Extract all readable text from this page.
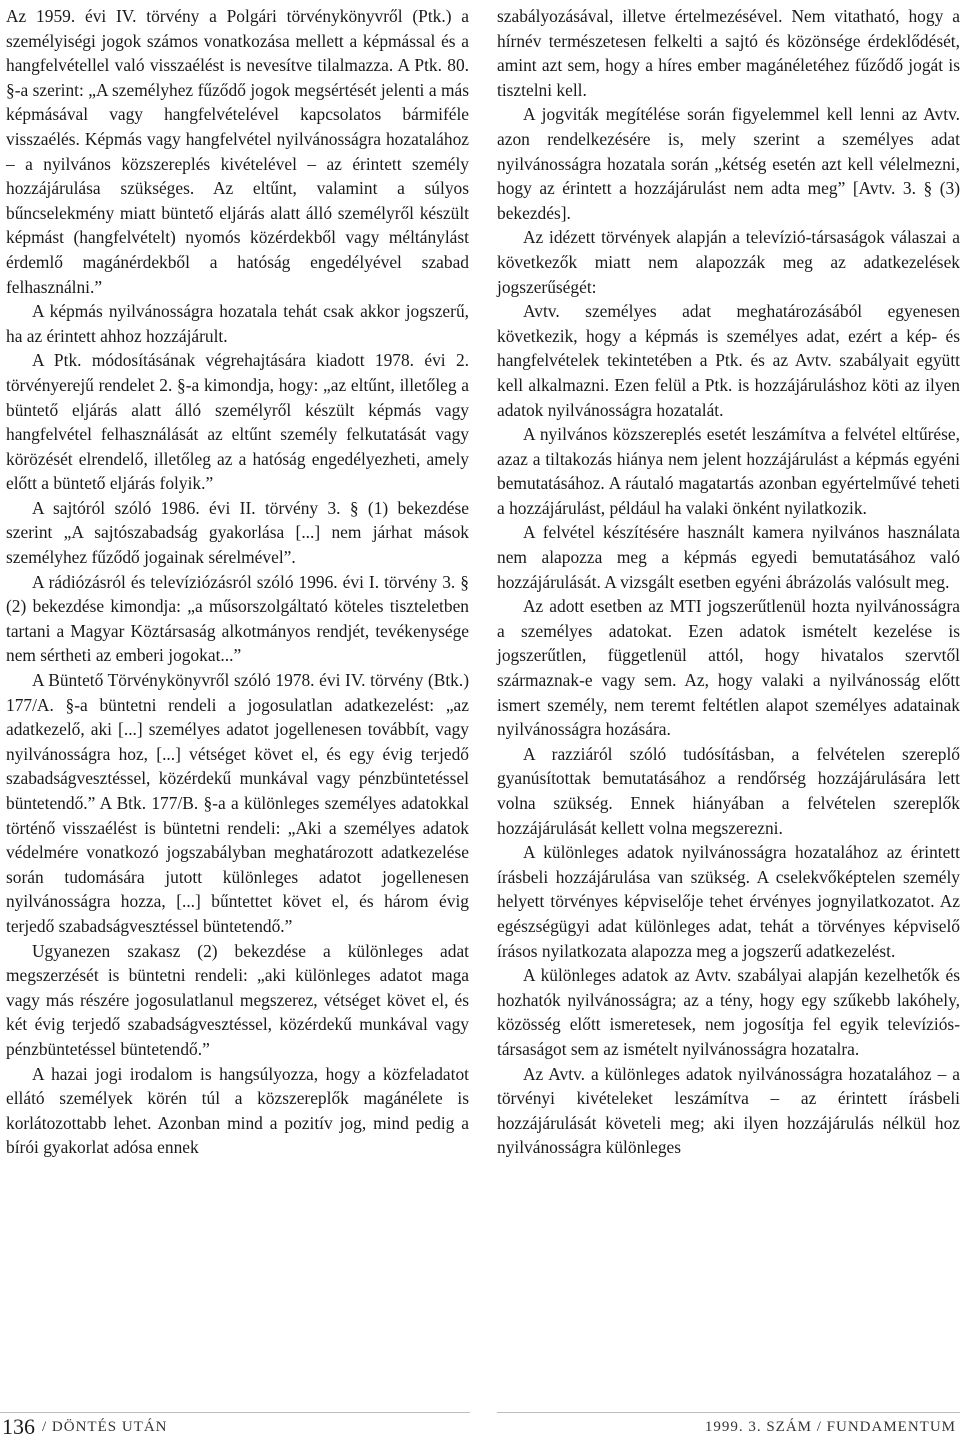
Az 1959. évi IV. törvény a Polgári törvénykönyvről (Ptk.) a személyiségi jogok számos vonatkozása mellett a képmással és a hangfelvétellel való visszaélést is nevesítve tilalmazza. A Ptk. 80. §-a szerint: „A személyhez fűződő jogok megsértését jelenti a más képmásával vagy hangfelvételével kapcsolatos bármiféle visszaélés. Képmás vagy hangfelvétel nyilvánosságra hozatalához – a nyilvános közszereplés kivételével – az érintett személy hozzájárulása szükséges. Az eltűnt, valamint a súlyos bűncselekmény miatt büntető eljárás alatt álló személyről készült képmást (hangfelvételt) nyomós közérdekből vagy méltánylást érdemlő magánérdekből a hatóság engedélyével szabad felhasználni.”

A képmás nyilvánosságra hozatala tehát csak akkor jogszerű, ha az érintett ahhoz hozzájárult.

A Ptk. módosításának végrehajtására kiadott 1978. évi 2. törvényerejű rendelet 2. §-a kimondja, hogy: „az eltűnt, illetőleg a büntető eljárás alatt álló személyről készült képmás vagy hangfelvétel felhasználását az eltűnt személy felkutatását vagy körözését elrendelő, illetőleg az a hatóság engedélyezheti, amely előtt a büntető eljárás folyik.”

A sajtóról szóló 1986. évi II. törvény 3. § (1) bekezdése szerint „A sajtószabadság gyakorlása [...] nem járhat mások személyhez fűződő jogainak sérelmével”.

A rádiózásról és televíziózásról szóló 1996. évi I. törvény 3. § (2) bekezdése kimondja: „a műsorszolgáltató köteles tiszteletben tartani a Magyar Köztársaság alkotmányos rendjét, tevékenysége nem sértheti az emberi jogokat...”

A Büntető Törvénykönyvről szóló 1978. évi IV. törvény (Btk.) 177/A. §-a büntetni rendeli a jogosulatlan adatkezelést: „az adatkezelő, aki [...] személyes adatot jogellenesen továbbít, vagy nyilvánosságra hoz, [...] vétséget követ el, és egy évig terjedő szabadságvesztéssel, közérdekű munkával vagy pénzbüntetéssel büntetendő.” A Btk. 177/B. §-a a különleges személyes adatokkal történő visszaélést is büntetni rendeli: „Aki a személyes adatok védelmére vonatkozó jogszabályban meghatározott adatkezelése során tudomására jutott különleges adatot jogellenesen nyilvánosságra hozza, [...] bűntettet követ el, és három évig terjedő szabadságvesztéssel büntetendő.”

Ugyanezen szakasz (2) bekezdése a különleges adat megszerzését is büntetni rendeli: „aki különleges adatot maga vagy más részére jogosulatlanul megszerez, vétséget követ el, és két évig terjedő szabadságvesztéssel, közérdekű munkával vagy pénzbüntetéssel büntetendő.”

A hazai jogi irodalom is hangsúlyozza, hogy a közfeladatot ellátó személyek körén túl a közszereplők magánélete is korlátozottabb lehet. Azonban mind a pozitív jog, mind pedig a bírói gyakorlat adósa ennek

szabályozásával, illetve értelmezésével. Nem vitatható, hogy a hírnév természetesen felkelti a sajtó és közönsége érdeklődését, amint azt sem, hogy a híres ember magánéletéhez fűződő jogát is tisztelni kell.

A jogviták megítélése során figyelemmel kell lenni az Avtv. azon rendelkezésére is, mely szerint a személyes adat nyilvánosságra hozatala során „kétség esetén azt kell vélelmezni, hogy az érintett a hozzájárulást nem adta meg” [Avtv. 3. § (3) bekezdés].

Az idézett törvények alapján a televízió-társaságok válaszai a következők miatt nem alapozzák meg az adatkezelések jogszerűségét:

Avtv. személyes adat meghatározásából egyenesen következik, hogy a képmás is személyes adat, ezért a kép- és hangfelvételek tekintetében a Ptk. és az Avtv. szabályait együtt kell alkalmazni. Ezen felül a Ptk. is hozzájáruláshoz köti az ilyen adatok nyilvánosságra hozatalát.

A nyilvános közszereplés esetét leszámítva a felvétel eltűrése, azaz a tiltakozás hiánya nem jelent hozzájárulást a képmás egyéni bemutatásához. A ráutaló magatartás azonban egyértelművé teheti a hozzájárulást, például ha valaki önként nyilatkozik.

A felvétel készítésére használt kamera nyilvános használata nem alapozza meg a képmás egyedi bemutatásához való hozzájárulását. A vizsgált esetben egyéni ábrázolás valósult meg.

Az adott esetben az MTI jogszerűtlenül hozta nyilvánosságra a személyes adatokat. Ezen adatok ismételt kezelése is jogszerűtlen, függetlenül attól, hogy hivatalos szervtől származnak-e vagy sem. Az, hogy valaki a nyilvánosság előtt ismert személy, nem teremt feltétlen alapot személyes adatainak nyilvánosságra hozására.

A razziáról szóló tudósításban, a felvételen szereplő gyanúsítottak bemutatásához a rendőrség hozzájárulására lett volna szükség. Ennek hiányában a felvételen szereplők hozzájárulását kellett volna megszerezni.

A különleges adatok nyilvánosságra hozatalához az érintett írásbeli hozzájárulása van szükség. A cselekvőképtelen személy helyett törvényes képviselője tehet érvényes jognyilatkozatot. Az egészségügyi adat különleges adat, tehát a törvényes képviselő írásos nyilatkozata alapozza meg a jogszerű adatkezelést.

A különleges adatok az Avtv. szabályai alapján kezelhetők és hozhatók nyilvánosságra; az a tény, hogy egy szűkebb lakóhely, közösség előtt ismeretesek, nem jogosítja fel egyik televíziós-társaságot sem az ismételt nyilvánosságra hozatalra.

Az Avtv. a különleges adatok nyilvánosságra hozatalához – a törvényi kivételeket leszámítva – az érintett írásbeli hozzájárulását követeli meg; aki ilyen hozzájárulás nélkül hoz nyilvánosságra különleges

136 / DÖNTÉS UTÁN	1999. 3. SZÁM / FUNDAMENTUM
